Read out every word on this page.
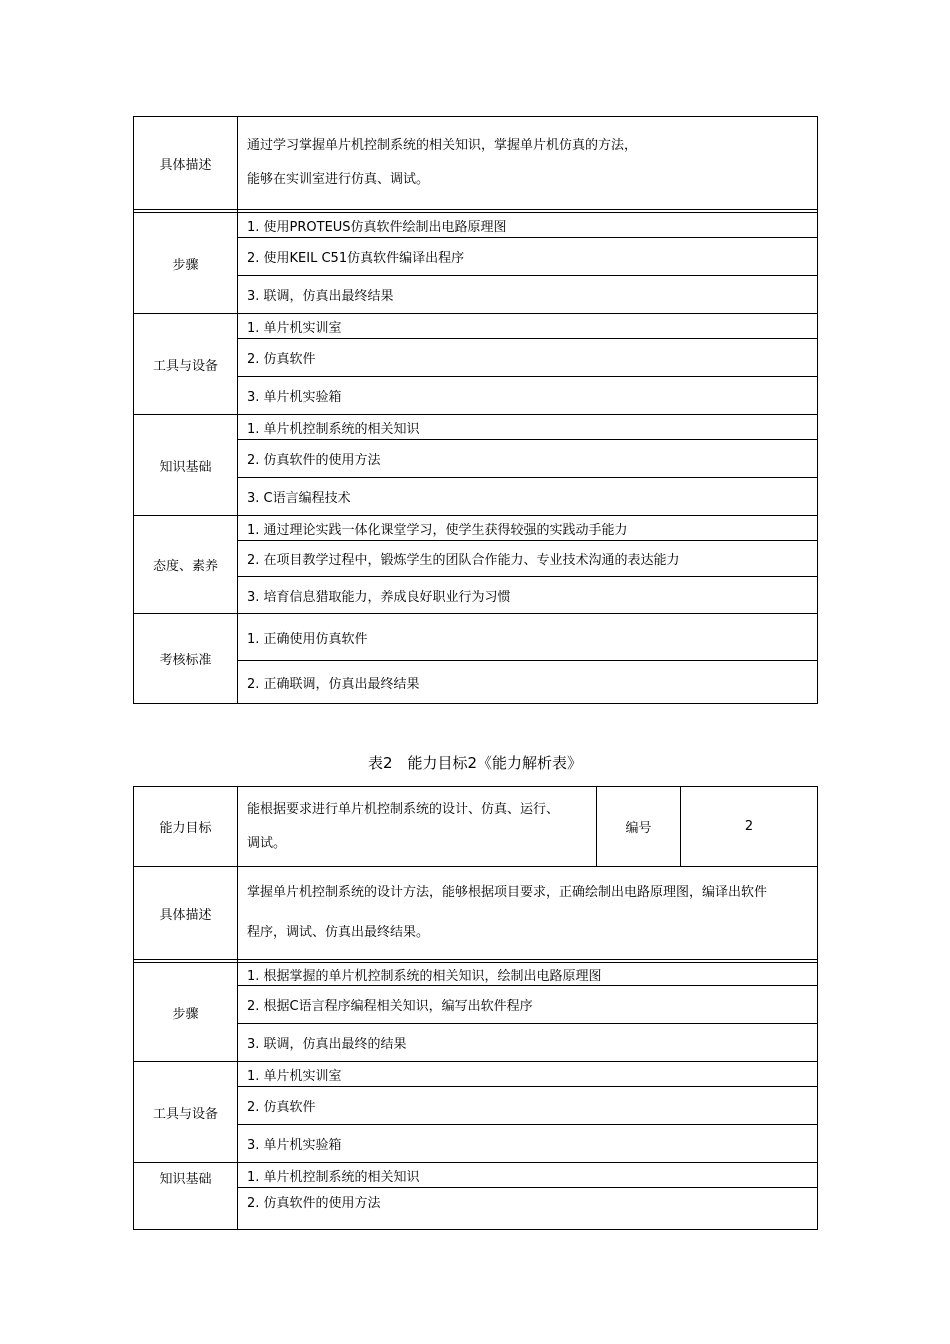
具体描述	通过学习掌握单片机控制系统的相关知识，掌握单片机仿真的方法，
能够在实训室进行仿真、调试。

步骤	1. 使用PROTEUS仿真软件绘制出电路原理图
	2. 使用KEIL C51仿真软件编译出程序
	3. 联调，仿真出最终结果
工具与设备	1. 单片机实训室
	2. 仿真软件
	3. 单片机实验箱
知识基础	1. 单片机控制系统的相关知识
	2. 仿真软件的使用方法
	3. C语言编程技术
态度、素养	1. 通过理论实践一体化课堂学习，使学生获得较强的实践动手能力
	2. 在项目教学过程中，锻炼学生的团队合作能力、专业技术沟通的表达能力
	3. 培育信息猎取能力，养成良好职业行为习惯
考核标准	1. 正确使用仿真软件
	2. 正确联调，仿真出最终结果
表2　能力目标2《能力解析表》
能力目标	能根据要求进行单片机控制系统的设计、仿真、运行、
调试。	编号	2
具体描述	掌握单片机控制系统的设计方法，能够根据项目要求，正确绘制出电路原理图，编译出软件
程序，调试、仿真出最终结果。		

步骤	1. 根据掌握的单片机控制系统的相关知识，绘制出电路原理图		
	2. 根据C语言程序编程相关知识，编写出软件程序		
	3. 联调，仿真出最终的结果		
工具与设备	1. 单片机实训室		
	2. 仿真软件		
	3. 单片机实验箱		
知识基础	1. 单片机控制系统的相关知识		
	2. 仿真软件的使用方法		
